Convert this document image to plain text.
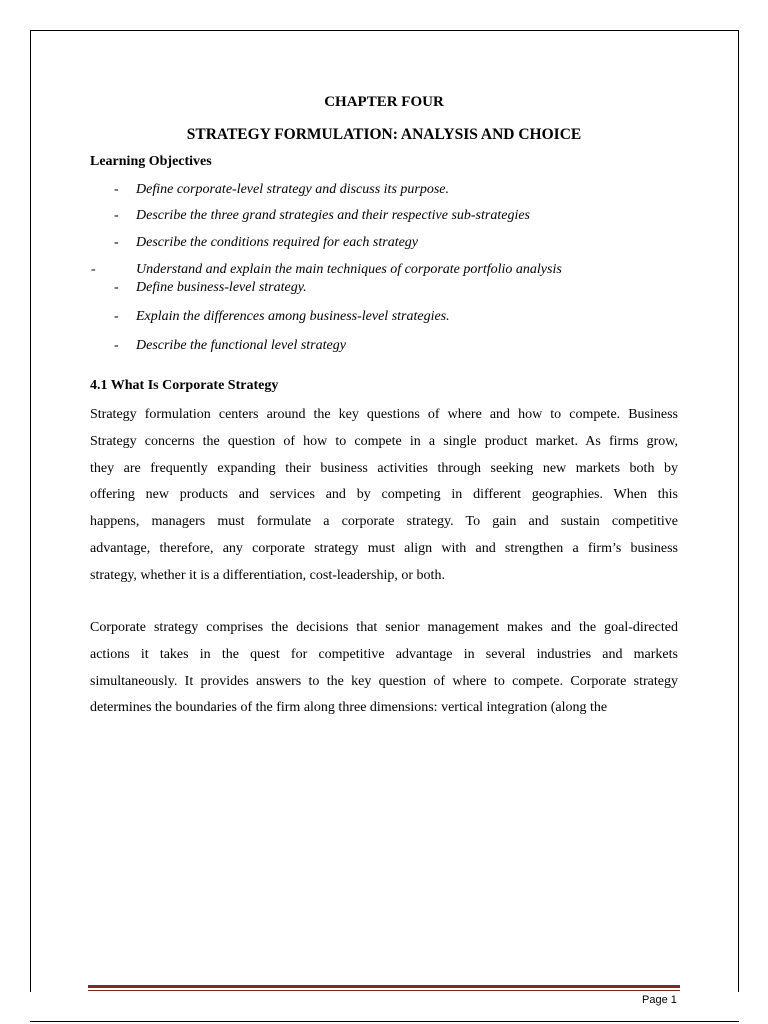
CHAPTER FOUR
STRATEGY FORMULATION: ANALYSIS AND CHOICE
Learning Objectives
- Define corporate-level strategy and discuss its purpose.
- Describe the three grand strategies and their respective sub-strategies
- Describe the conditions required for each strategy
-	Understand and explain the main techniques of corporate portfolio analysis
- Define business-level strategy.
- Explain the differences among business-level strategies.
- Describe the functional level strategy
4.1 What Is Corporate Strategy
Strategy formulation centers around the key questions of where and how to compete. Business
Strategy concerns the question of how to compete in a single product market. As firms grow,
they are frequently expanding their business activities through seeking new markets both by
offering new products and services and by competing in different geographies. When this
happens, managers must formulate a corporate strategy. To gain and sustain competitive
advantage, therefore, any corporate strategy must align with and strengthen a firm’s business
strategy, whether it is a differentiation, cost-leadership, or both.
Corporate strategy comprises the decisions that senior management makes and the goal-directed
actions it takes in the quest for competitive advantage in several industries and markets
simultaneously. It provides answers to the key question of where to compete. Corporate strategy
determines the boundaries of the firm along three dimensions: vertical integration (along the
Page 1
